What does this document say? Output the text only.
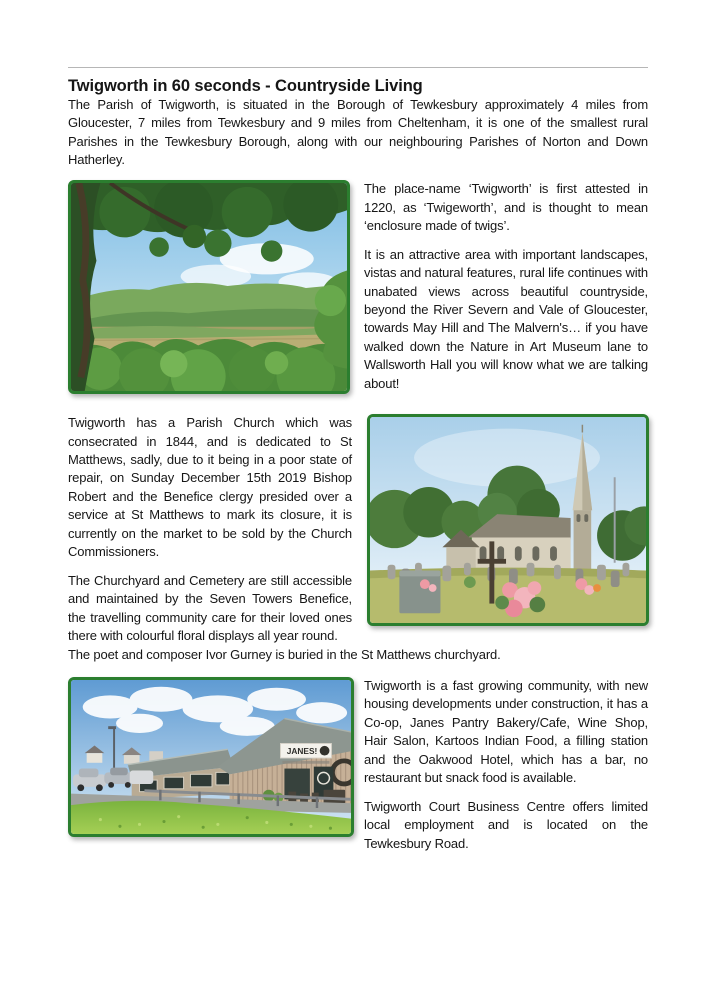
Twigworth in 60 seconds - Countryside Living

The Parish of Twigworth, is situated in the Borough of Tewkesbury approximately 4 miles from Gloucester, 7 miles from Tewkesbury and 9 miles from Cheltenham, it is one of the smallest rural Parishes in the Tewkesbury Borough, along with our neighbouring Parishes of Norton and Down Hatherley.

The place-name ‘Twigworth’ is first attested in 1220, as ‘Twigeworth’, and is thought to mean ‘enclosure made of twigs’.

It is an attractive area with important landscapes, vistas and natural features, rural life continues with unabated views across beautiful countryside, beyond the River Severn and Vale of Gloucester, towards May Hill and The Malvern's… if you have walked down the Nature in Art Museum lane to Wallsworth Hall you will know what we are talking about!

Twigworth has a Parish Church which was consecrated in 1844, and is dedicated to St Matthews, sadly, due to it being in a poor state of repair, on Sunday December 15th 2019 Bishop Robert and the Benefice clergy presided over a service at St Matthews to mark its closure, it is currently on the market to be sold by the Church Commissioners.

The Churchyard and Cemetery are still accessible and maintained by the Seven Towers Benefice, the travelling community care for their loved ones there with colourful floral displays all year round.

The poet and composer Ivor Gurney is buried in the St Matthews churchyard.

JANES!

Twigworth is a fast growing community, with new housing developments under construction, it has a Co-op, Janes Pantry Bakery/Cafe, Wine Shop, Hair Salon, Kartoos Indian Food, a filling station and the Oakwood Hotel, which has a bar, no restaurant but snack food is available.

Twigworth Court Business Centre offers limited local employment and is located on the Tewkesbury Road.
